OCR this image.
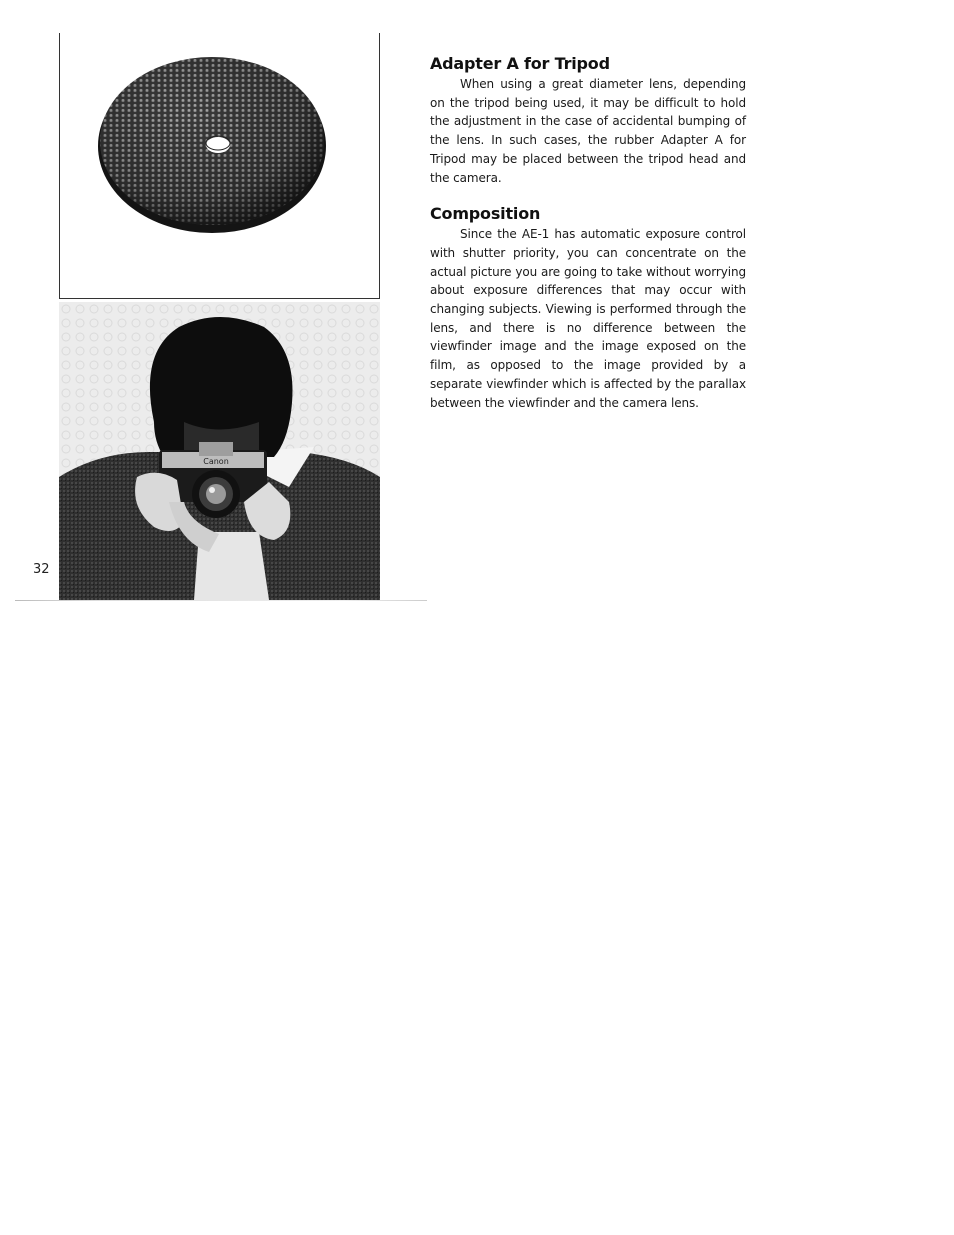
Canon
32
Adapter A for Tripod

When using a great diameter lens, depending on the tripod being used, it may be difficult to hold the adjustment in the case of accidental bumping of the lens. In such cases, the rubber Adapter A for Tripod may be placed between the tripod head and the camera.

Composition

Since the AE-1 has automatic exposure control with shutter priority, you can concentrate on the actual picture you are going to take without worrying about exposure differences that may occur with changing subjects. Viewing is performed through the lens, and there is no difference between the viewfinder image and the image exposed on the film, as opposed to the image provided by a separate viewfinder which is affected by the parallax between the viewfinder and the camera lens.
